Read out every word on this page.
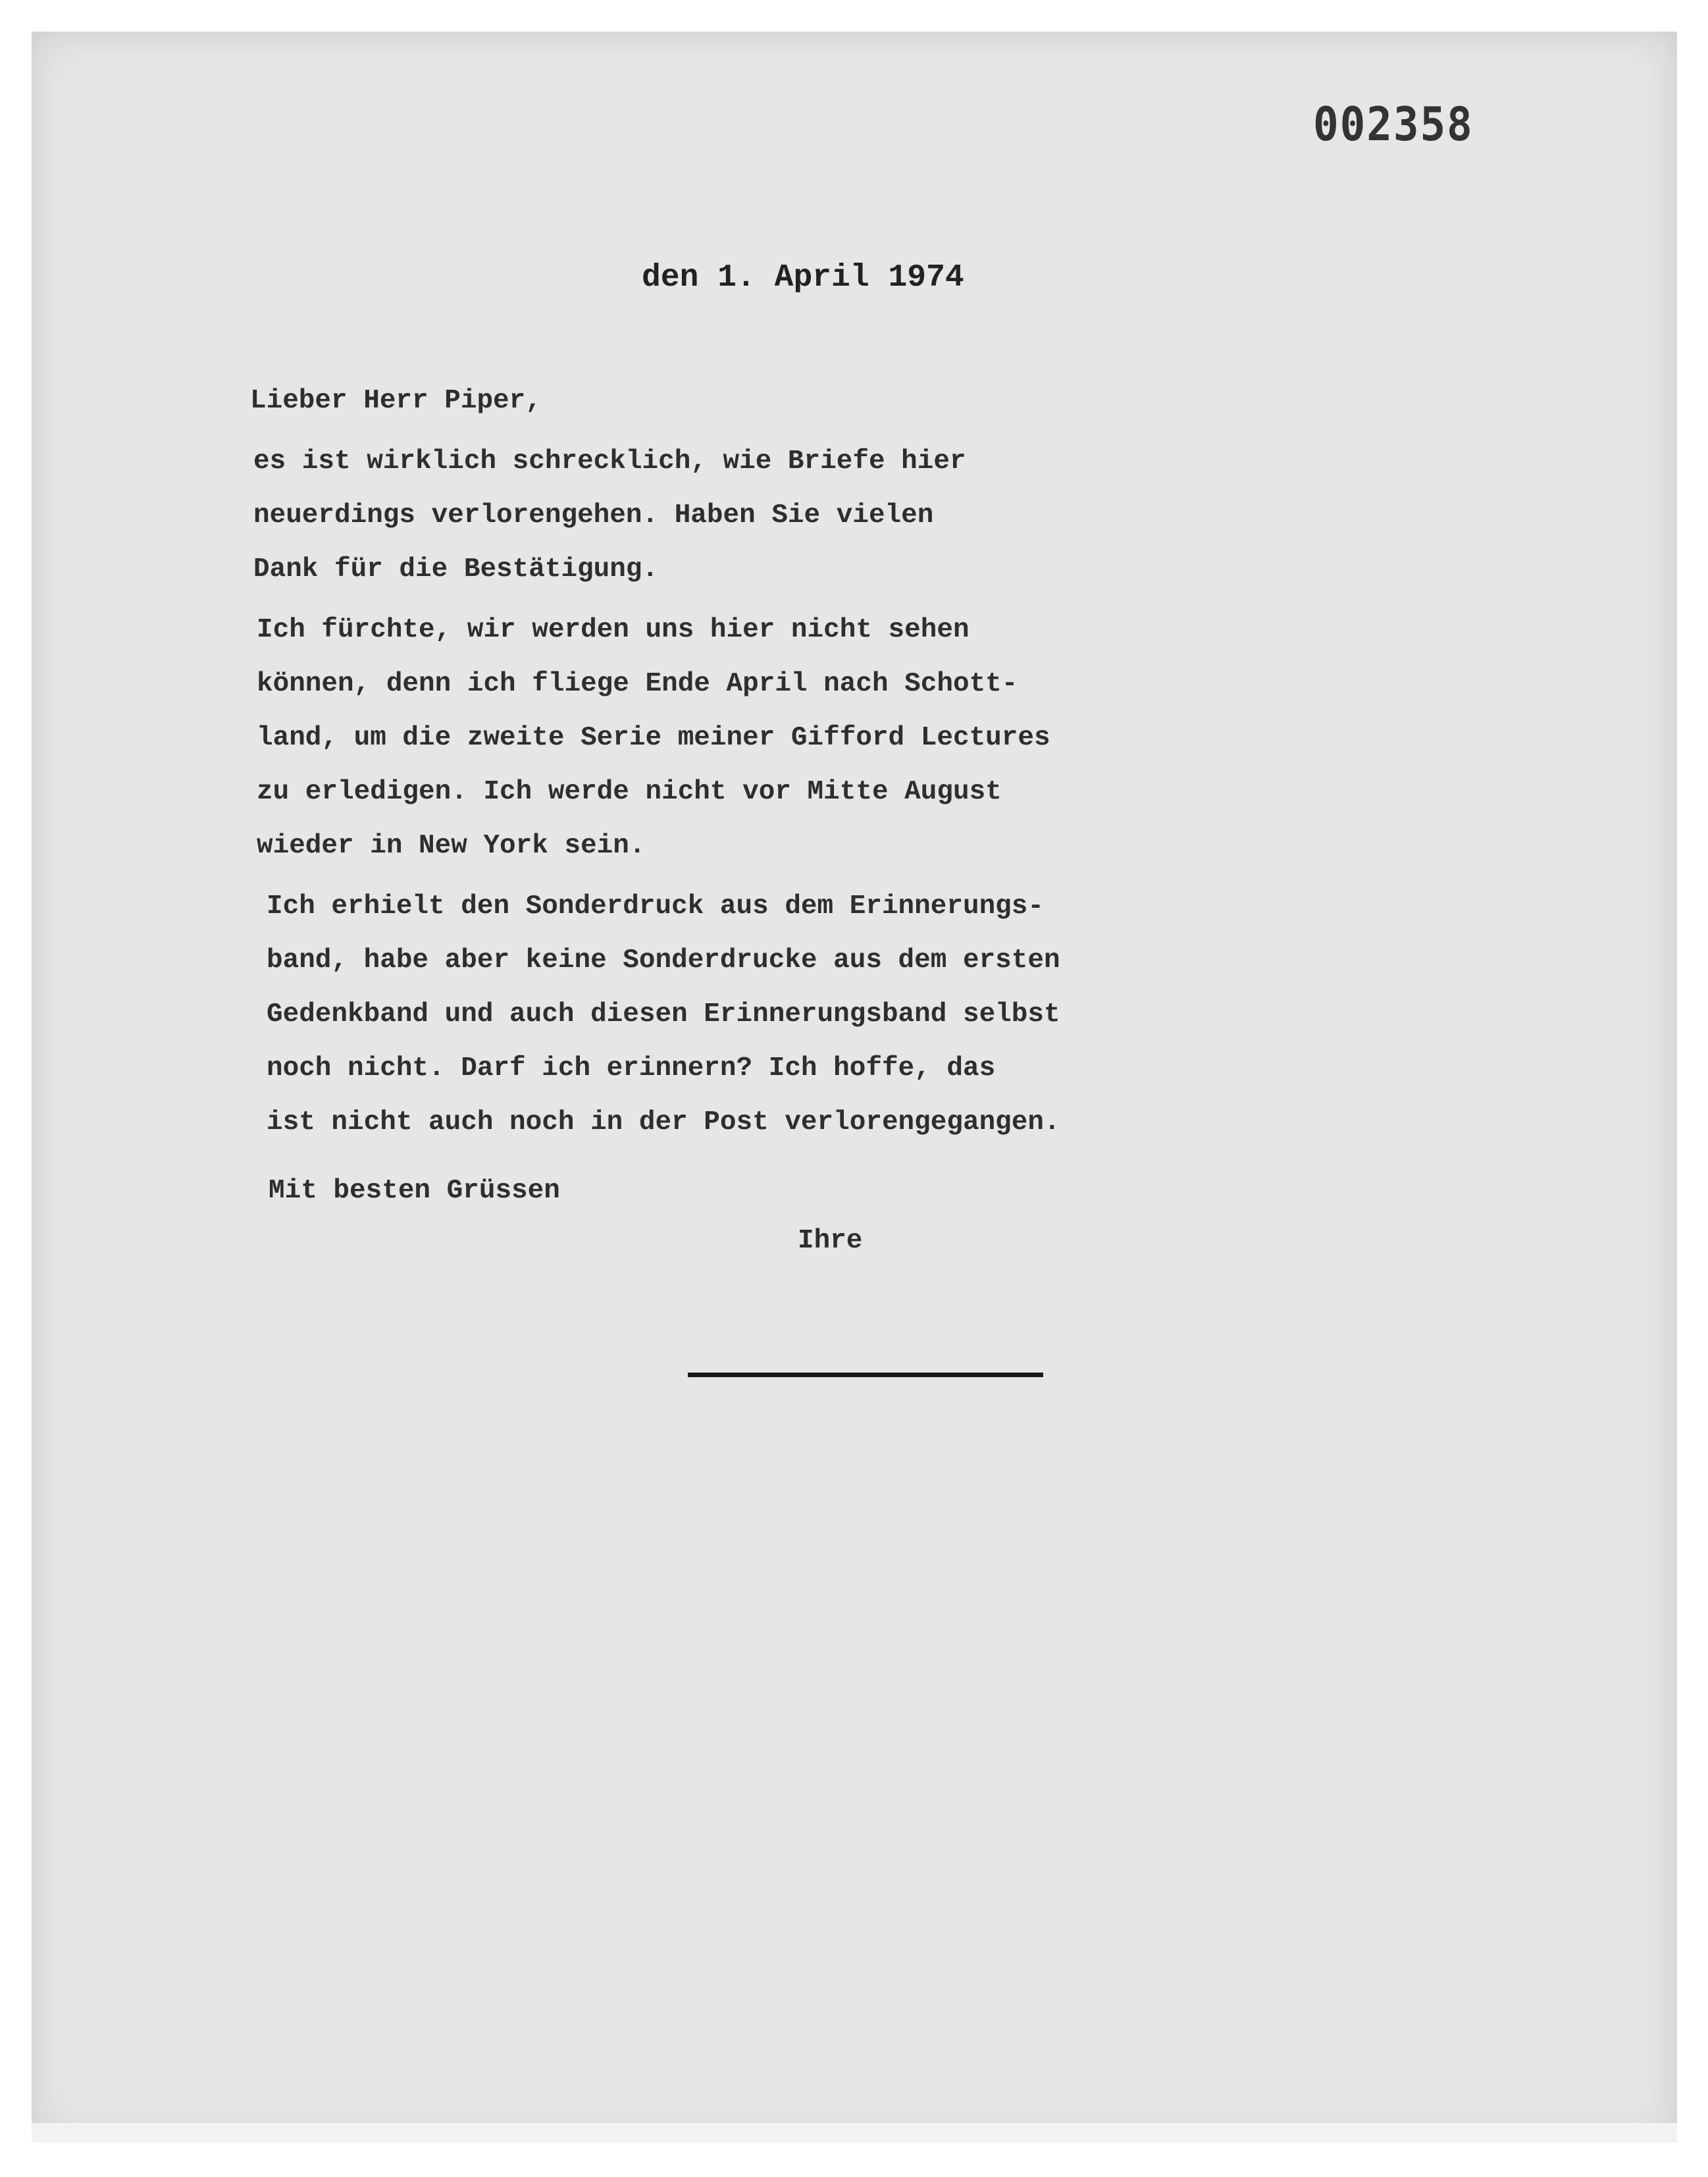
002358
den 1. April 1974
Lieber Herr Piper,
es ist wirklich schrecklich, wie Briefe hier
neuerdings verlorengehen. Haben Sie vielen
Dank für die Bestätigung.
Ich fürchte, wir werden uns hier nicht sehen
können, denn ich fliege Ende April nach Schott-
land, um die zweite Serie meiner Gifford Lectures
zu erledigen. Ich werde nicht vor Mitte August
wieder in New York sein.
Ich erhielt den Sonderdruck aus dem Erinnerungs-
band, habe aber keine Sonderdrucke aus dem ersten
Gedenkband und auch diesen Erinnerungsband selbst
noch nicht. Darf ich erinnern? Ich hoffe, das
ist nicht auch noch in der Post verlorengegangen.
Mit besten Grüssen
Ihre
